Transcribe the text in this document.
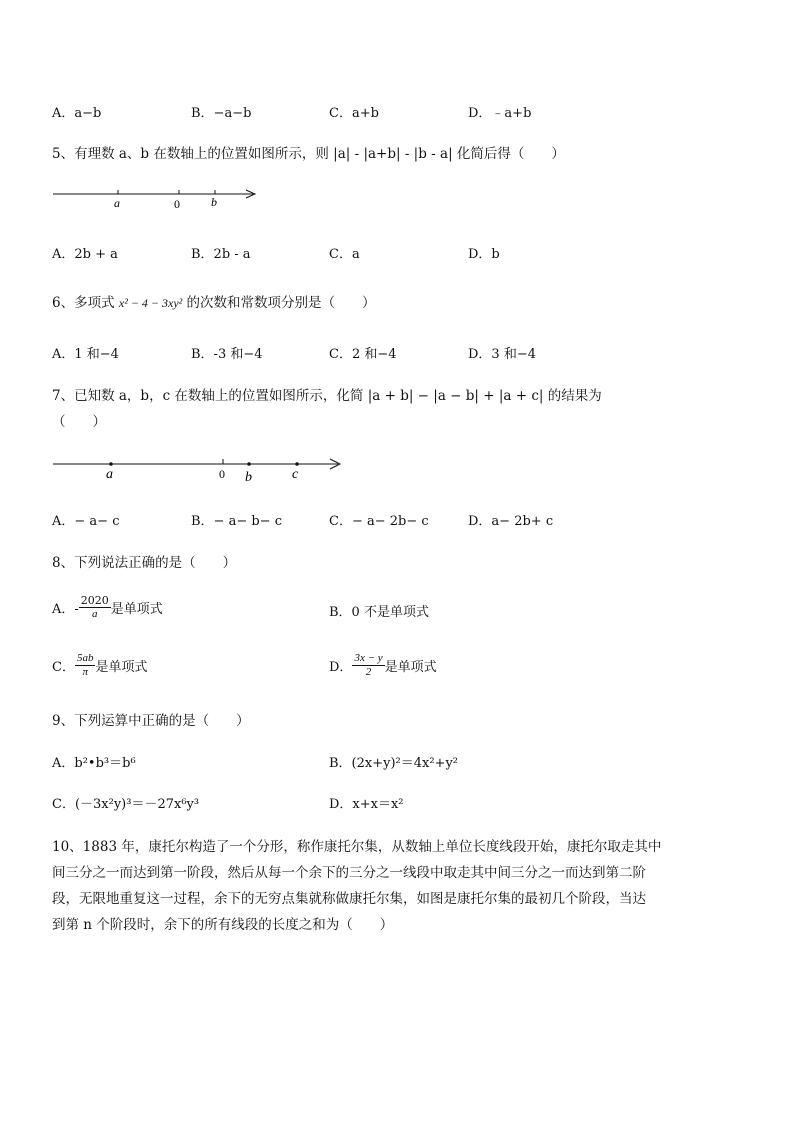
A．a−b	B．−a−b	C．a+b	D．﹣a+b
5、有理数 a、b 在数轴上的位置如图所示，则 |a| - |a+b| - |b - a| 化简后得（　　）
a	0	b
A．2b + a	B．2b - a	C．a	D．b
6、多项式 x² − 4 − 3xy² 的次数和常数项分别是（　　）
A．1 和−4	B．-3 和−4	C．2 和−4	D．3 和−4
7、已知数 a，b，c 在数轴上的位置如图所示，化简 |a + b| − |a − b| + |a + c| 的结果为
（　　）
a	0 b	c
A．− a− c	B．− a− b− c	C．− a− 2b− c	D．a− 2b+ c
8、下列说法正确的是（　　）
A．- $\frac{2020}{a}$ 是单项式	B．0 不是单项式
C． $\frac{5ab}{\pi}$ 是单项式	D． $\frac{3x - y}{2}$ 是单项式
9、下列运算中正确的是（　　）
A．b²•b³＝b⁶	B．(2x+y)²＝4x²+y²
C．(－3x²y)³＝－27x⁶y³	D．x+x＝x²
10、1883 年，康托尔构造了一个分形，称作康托尔集，从数轴上单位长度线段开始，康托尔取走其中
间三分之一而达到第一阶段，然后从每一个余下的三分之一线段中取走其中间三分之一而达到第二阶
段，无限地重复这一过程，余下的无穷点集就称做康托尔集，如图是康托尔集的最初几个阶段，当达
到第 n 个阶段时，余下的所有线段的长度之和为（　　）
